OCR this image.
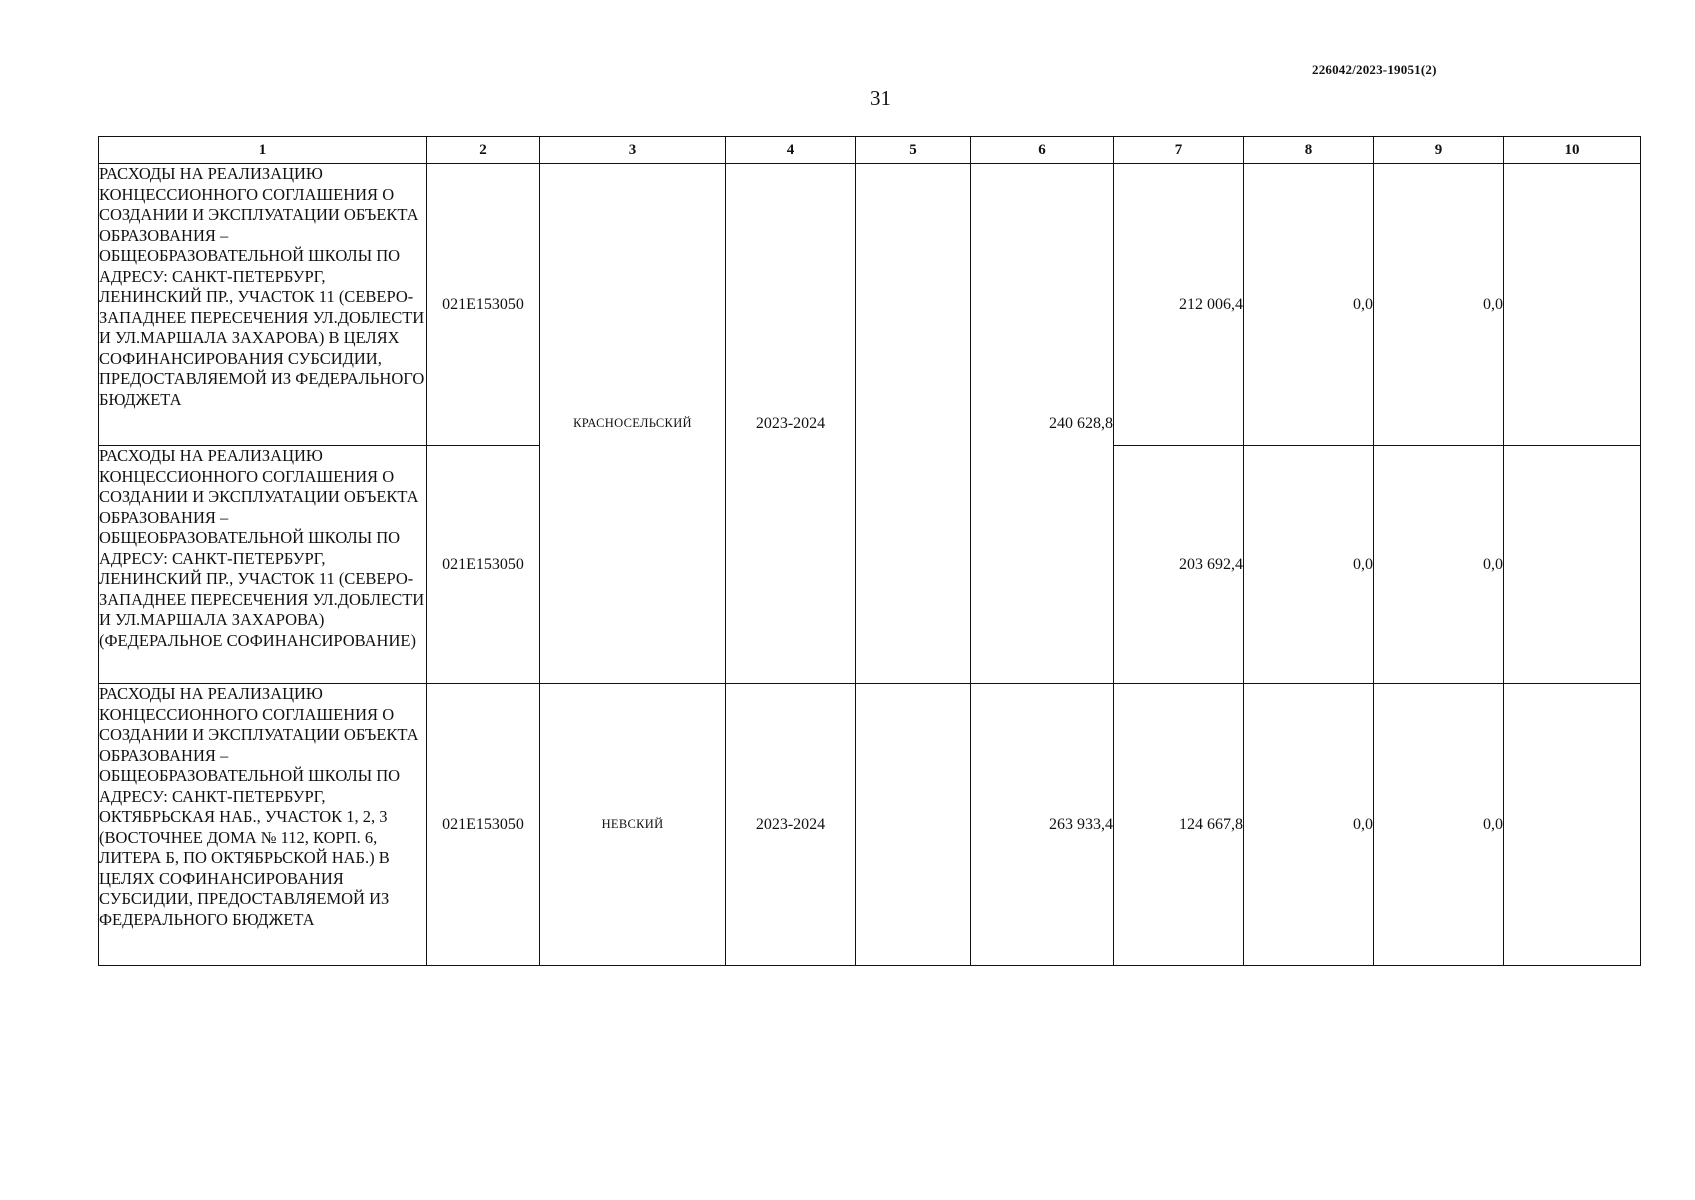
226042/2023-19051(2)
31
1	2	3	4	5	6	7	8	9	10
РАСХОДЫ НА РЕАЛИЗАЦИЮ КОНЦЕССИОННОГО СОГЛАШЕНИЯ О СОЗДАНИИ И ЭКСПЛУАТАЦИИ ОБЪЕКТА ОБРАЗОВАНИЯ – ОБЩЕОБРАЗОВАТЕЛЬНОЙ ШКОЛЫ ПО АДРЕСУ: САНКТ-ПЕТЕРБУРГ, ЛЕНИНСКИЙ ПР., УЧАСТОК 11 (СЕВЕРО-ЗАПАДНЕЕ ПЕРЕСЕЧЕНИЯ УЛ.ДОБЛЕСТИ И УЛ.МАРШАЛА ЗАХАРОВА) В ЦЕЛЯХ СОФИНАНСИРОВАНИЯ СУБСИДИИ, ПРЕДОСТАВЛЯЕМОЙ ИЗ ФЕДЕРАЛЬНОГО БЮДЖЕТА	021E153050	КРАСНОСЕЛЬСКИЙ	2023-2024		240 628,8	212 006,4	0,0	0,0	
РАСХОДЫ НА РЕАЛИЗАЦИЮ КОНЦЕССИОННОГО СОГЛАШЕНИЯ О СОЗДАНИИ И ЭКСПЛУАТАЦИИ ОБЪЕКТА ОБРАЗОВАНИЯ – ОБЩЕОБРАЗОВАТЕЛЬНОЙ ШКОЛЫ ПО АДРЕСУ: САНКТ-ПЕТЕРБУРГ, ЛЕНИНСКИЙ ПР., УЧАСТОК 11 (СЕВЕРО-ЗАПАДНЕЕ ПЕРЕСЕЧЕНИЯ УЛ.ДОБЛЕСТИ И УЛ.МАРШАЛА ЗАХАРОВА) (ФЕДЕРАЛЬНОЕ СОФИНАНСИРОВАНИЕ)	021E153050					203 692,4	0,0	0,0	
РАСХОДЫ НА РЕАЛИЗАЦИЮ КОНЦЕССИОННОГО СОГЛАШЕНИЯ О СОЗДАНИИ И ЭКСПЛУАТАЦИИ ОБЪЕКТА ОБРАЗОВАНИЯ – ОБЩЕОБРАЗОВАТЕЛЬНОЙ ШКОЛЫ ПО АДРЕСУ: САНКТ-ПЕТЕРБУРГ, ОКТЯБРЬСКАЯ НАБ., УЧАСТОК 1, 2, 3 (ВОСТОЧНЕЕ ДОМА № 112, КОРП. 6, ЛИТЕРА Б, ПО ОКТЯБРЬСКОЙ НАБ.) В ЦЕЛЯХ СОФИНАНСИРОВАНИЯ СУБСИДИИ, ПРЕДОСТАВЛЯЕМОЙ ИЗ ФЕДЕРАЛЬНОГО БЮДЖЕТА	021E153050	НЕВСКИЙ	2023-2024		263 933,4	124 667,8	0,0	0,0	
